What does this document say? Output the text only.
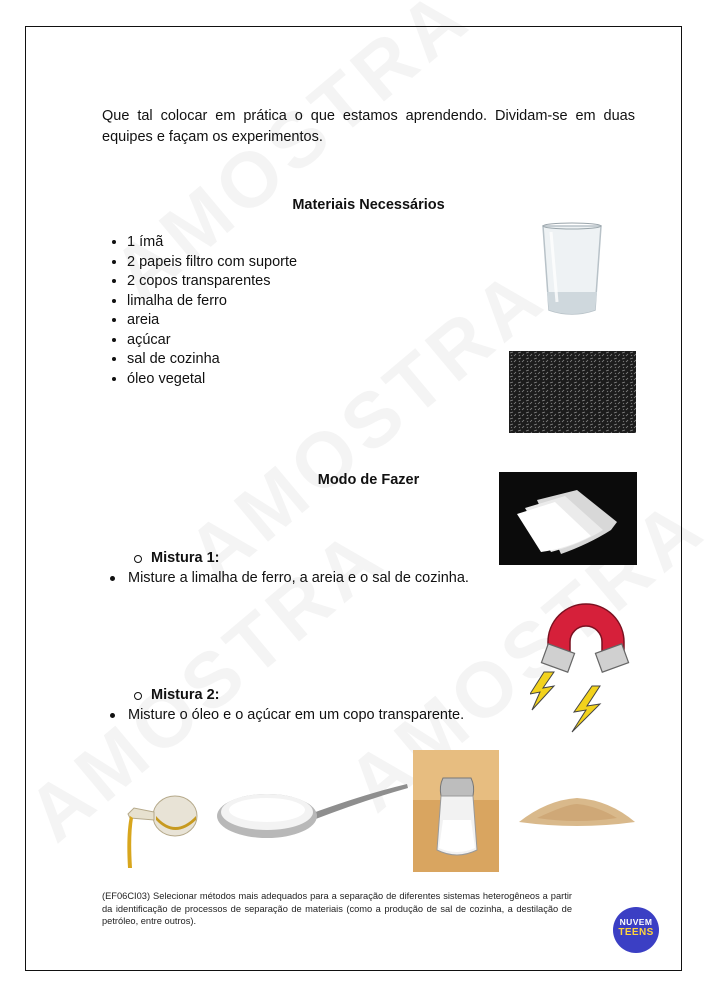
Que tal colocar em prática o que estamos aprendendo. Dividam-se em duas equipes e façam os experimentos.

Materiais Necessários
• 1 ímã
• 2 papeis filtro com suporte
• 2 copos transparentes
• limalha de ferro
• areia
• açúcar
• sal de cozinha
• óleo vegetal
Modo de Fazer
Mistura 1:
Misture a limalha de ferro, a areia e o sal de cozinha.
Mistura 2:
Misture o óleo e o açúcar em um copo transparente.

(EF06CI03) Selecionar métodos mais adequados para a separação de diferentes sistemas heterogêneos a partir da identificação de processos de separação de materiais (como a produção de sal de cozinha, a destilação de petróleo, entre outros).	NUVEM
TEENS
